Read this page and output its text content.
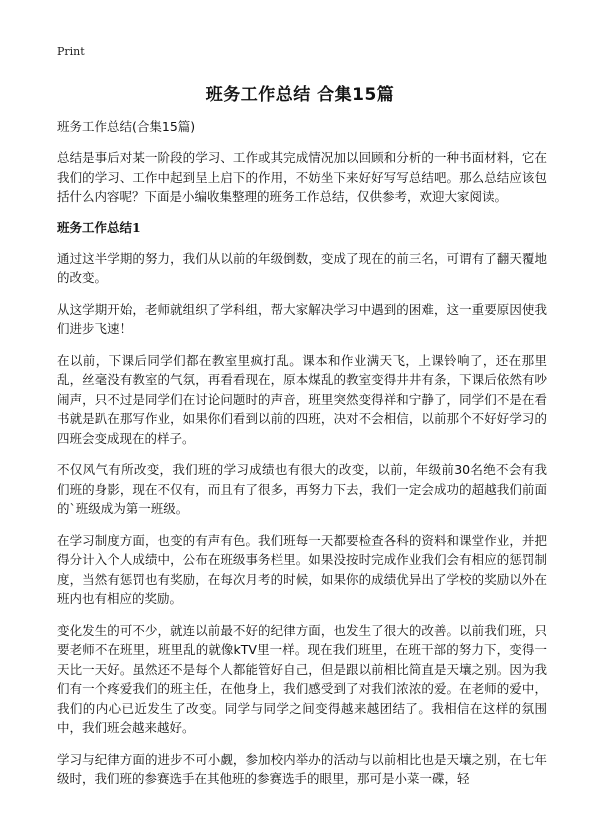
Print
班务工作总结 合集15篇

班务工作总结(合集15篇)

总结是事后对某一阶段的学习、工作或其完成情况加以回顾和分析的一种书面材料，它在我们的学习、工作中起到呈上启下的作用，不妨坐下来好好写写总结吧。那么总结应该包括什么内容呢？下面是小编收集整理的班务工作总结，仅供参考，欢迎大家阅读。

班务工作总结1

通过这半学期的努力，我们从以前的年级倒数，变成了现在的前三名，可谓有了翻天覆地的改变。

从这学期开始，老师就组织了学科组，帮大家解决学习中遇到的困难，这一重要原因使我们进步飞速！

在以前，下课后同学们都在教室里疯打乱。课本和作业满天飞，上课铃响了，还在那里乱，丝毫没有教室的气氛，再看看现在，原本煤乱的教室变得井井有条，下课后依然有吵闹声，只不过是同学们在讨论问题时的声音，班里突然变得祥和宁静了，同学们不是在看书就是趴在那写作业，如果你们看到以前的四班，决对不会相信，以前那个不好好学习的四班会变成现在的样子。

不仅风气有所改变，我们班的学习成绩也有很大的改变，以前，年级前30名绝不会有我们班的身影，现在不仅有，而且有了很多，再努力下去，我们一定会成功的超越我们前面的`班级成为第一班级。

在学习制度方面，也变的有声有色。我们班每一天都要检查各科的资料和课堂作业，并把得分计入个人成绩中，公布在班级事务栏里。如果没按时完成作业我们会有相应的惩罚制度，当然有惩罚也有奖励，在每次月考的时候，如果你的成绩优异出了学校的奖励以外在班内也有相应的奖励。

变化发生的可不少，就连以前最不好的纪律方面，也发生了很大的改善。以前我们班，只要老师不在班里，班里乱的就像kTV里一样。现在我们班里，在班干部的努力下，变得一天比一天好。虽然还不是每个人都能管好自己，但是跟以前相比简直是天壤之别。因为我们有一个疼爱我们的班主任，在他身上，我们感受到了对我们浓浓的爱。在老师的爱中，我们的内心已近发生了改变。同学与同学之间变得越来越团结了。我相信在这样的氛围中，我们班会越来越好。

学习与纪律方面的进步不可小觑，参加校内举办的活动与以前相比也是天壤之别，在七年级时，我们班的参赛选手在其他班的参赛选手的眼里，那可是小菜一碟，轻
